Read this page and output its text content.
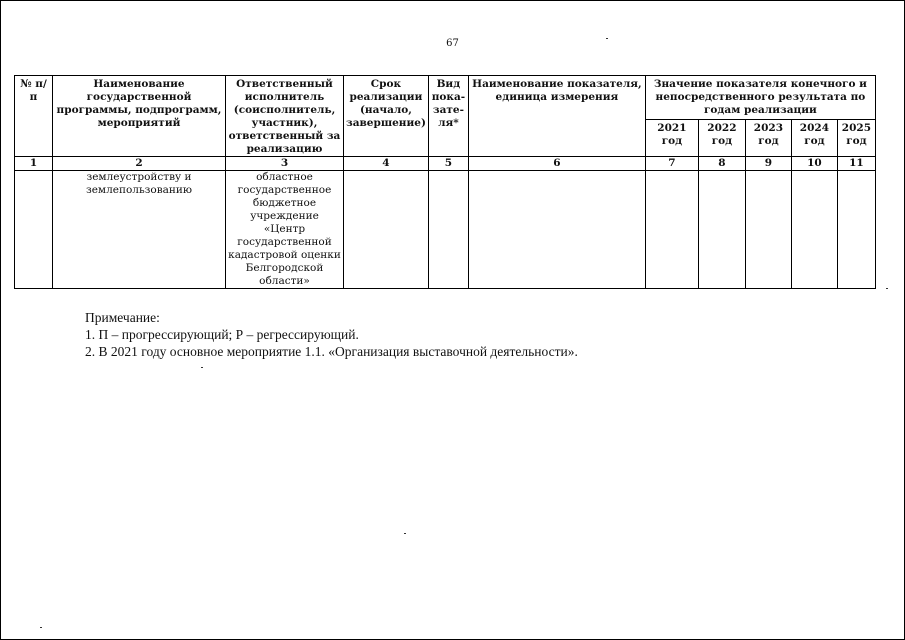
67
№ п/п	Наименование государственной программы, подпрограмм, мероприятий	Ответственный исполнитель (соисполнитель, участник), ответственный за реализацию	Срок реализации (начало, завершение)	Вид пока-зате-ля*	Наименование показателя, единица измерения	Значение показателя конечного и непосредственного результата по годам реализации				
						2021 год	2022 год	2023 год	2024 год	2025 год
1	2	3	4	5	6	7	8	9	10	11
	землеустройству и землепользованию	областное государственное бюджетное учреждение «Центр государственной кадастровой оценки Белгородской области»								
Примечание:
1. П – прогрессирующий; Р – регрессирующий.
2. В 2021 году основное мероприятие 1.1. «Организация выставочной деятельности».
